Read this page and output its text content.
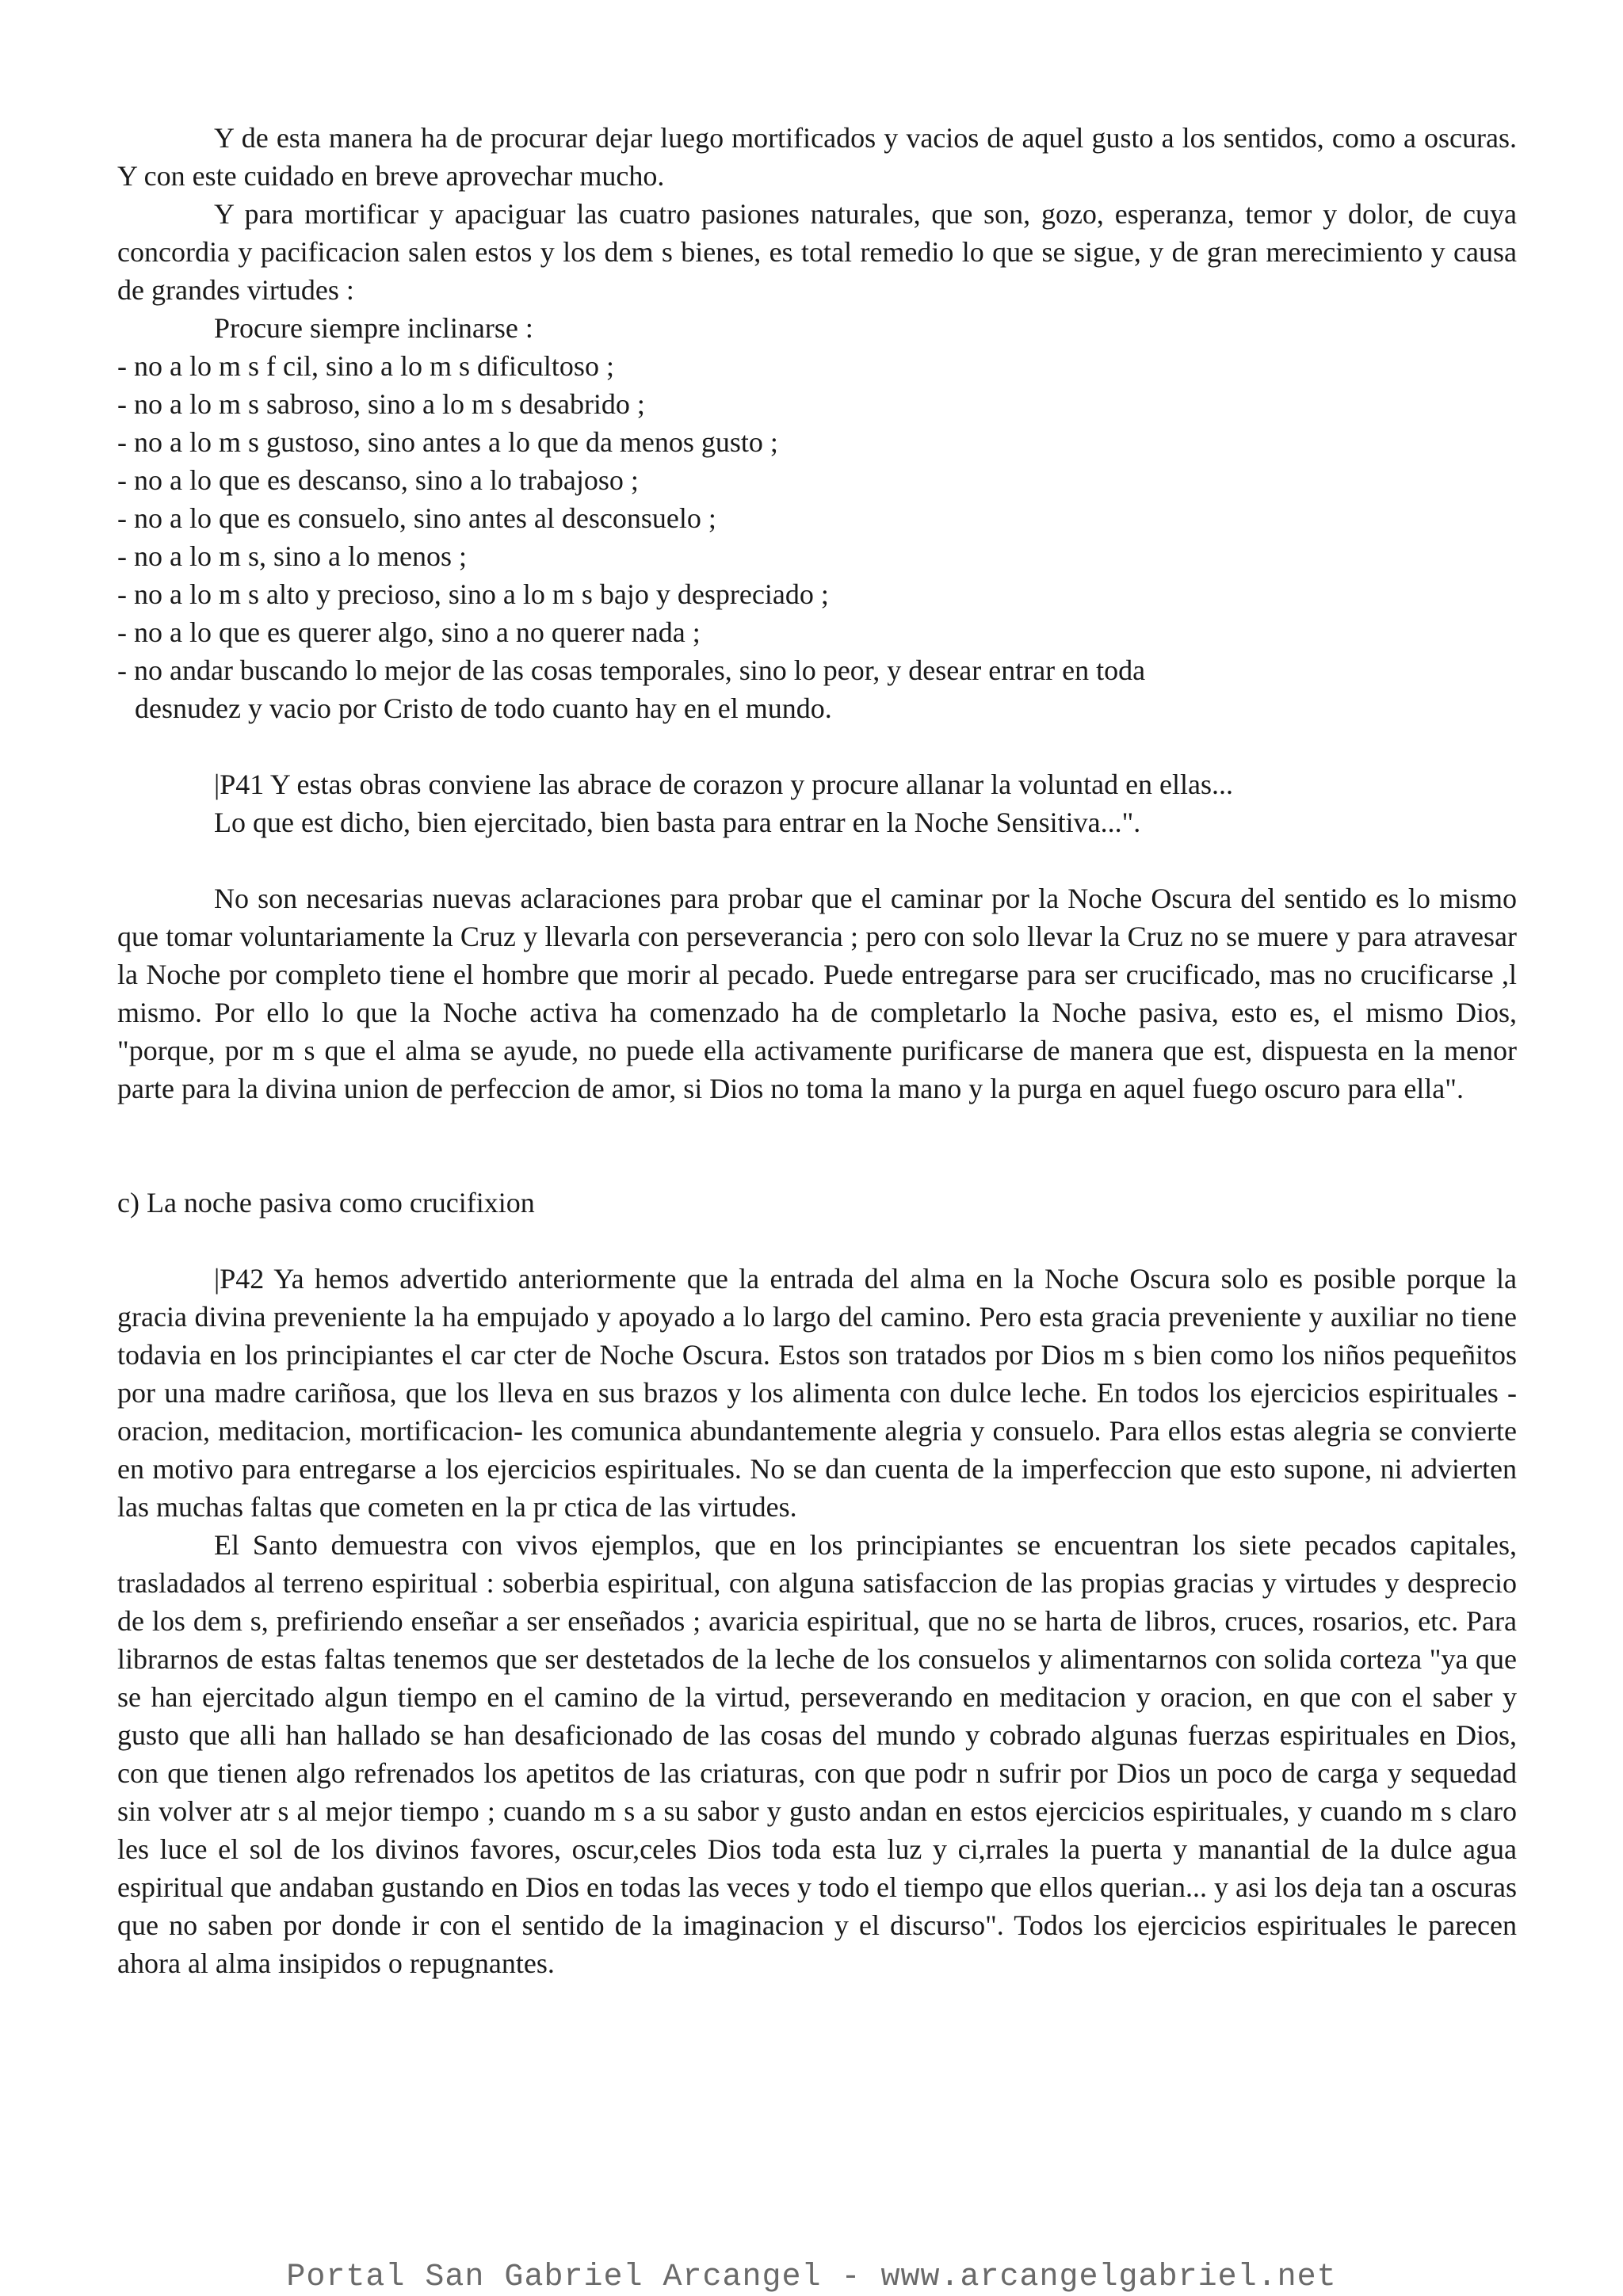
Y de esta manera ha de procurar dejar luego mortificados y vacios de aquel gusto a los sentidos, como a oscuras. Y con este cuidado en breve aprovechar mucho.

Y para mortificar y apaciguar las cuatro pasiones naturales, que son, gozo, esperanza, temor y dolor, de cuya concordia y pacificacion salen estos y los dem s bienes, es total remedio lo que se sigue, y de gran merecimiento y causa de grandes virtudes :

Procure siempre inclinarse :

- no a lo m s f cil, sino a lo m s dificultoso ;
- no a lo m s sabroso, sino a lo m s desabrido ;
- no a lo m s gustoso, sino antes a lo que da menos gusto ;
- no a lo que es descanso, sino a lo trabajoso ;
- no a lo que es consuelo, sino antes al desconsuelo ;
- no a lo m s, sino a lo menos ;
- no a lo m s alto y precioso, sino a lo m s bajo y despreciado ;
- no a lo que es querer algo, sino a no querer nada ;
- no andar buscando lo mejor de las cosas temporales, sino lo peor, y desear entrar en toda
desnudez y vacio por Cristo de todo cuanto hay en el mundo.

|P41 Y estas obras conviene las abrace de corazon y procure allanar la voluntad en ellas...

Lo que est dicho, bien ejercitado, bien basta para entrar en la Noche Sensitiva...".

No son necesarias nuevas aclaraciones para probar que el caminar por la Noche Oscura del sentido es lo mismo que tomar voluntariamente la Cruz y llevarla con perseverancia ; pero con solo llevar la Cruz no se muere y para atravesar la Noche por completo tiene el hombre que morir al pecado. Puede entregarse para ser crucificado, mas no crucificarse ,l mismo. Por ello lo que la Noche activa ha comenzado ha de completarlo la Noche pasiva, esto es, el mismo Dios, "porque, por m s que el alma se ayude, no puede ella activamente purificarse de manera que est, dispuesta en la menor parte para la divina union de perfeccion de amor, si Dios no toma la mano y la purga en aquel fuego oscuro para ella".

c) La noche pasiva como crucifixion

|P42 Ya hemos advertido anteriormente que la entrada del alma en la Noche Oscura solo es posible porque la gracia divina preveniente la ha empujado y apoyado a lo largo del camino. Pero esta gracia preveniente y auxiliar no tiene todavia en los principiantes el car cter de Noche Oscura. Estos son tratados por Dios m s bien como los niños pequeñitos por una madre cariñosa, que los lleva en sus brazos y los alimenta con dulce leche. En todos los ejercicios espirituales -oracion, meditacion, mortificacion- les comunica abundantemente alegria y consuelo. Para ellos estas alegria se convierte en motivo para entregarse a los ejercicios espirituales. No se dan cuenta de la imperfeccion que esto supone, ni advierten las muchas faltas que cometen en la pr ctica de las virtudes.

El Santo demuestra con vivos ejemplos, que en los principiantes se encuentran los siete pecados capitales, trasladados al terreno espiritual : soberbia espiritual, con alguna satisfaccion de las propias gracias y virtudes y desprecio de los dem s, prefiriendo enseñar a ser enseñados ; avaricia espiritual, que no se harta de libros, cruces, rosarios, etc. Para librarnos de estas faltas tenemos que ser destetados de la leche de los consuelos y alimentarnos con solida corteza "ya que se han ejercitado algun tiempo en el camino de la virtud, perseverando en meditacion y oracion, en que con el saber y gusto que alli han hallado se han desaficionado de las cosas del mundo y cobrado algunas fuerzas espirituales en Dios, con que tienen algo refrenados los apetitos de las criaturas, con que podr n sufrir por Dios un poco de carga y sequedad sin volver atr s al mejor tiempo ; cuando m s a su sabor y gusto andan en estos ejercicios espirituales, y cuando m s claro les luce el sol de los divinos favores, oscur,celes Dios toda esta luz y ci,rrales la puerta y manantial de la dulce agua espiritual que andaban gustando en Dios en todas las veces y todo el tiempo que ellos querian... y asi los deja tan a oscuras que no saben por donde ir con el sentido de la imaginacion y el discurso". Todos los ejercicios espirituales le parecen ahora al alma insipidos o repugnantes.

Portal San Gabriel Arcangel - www.arcangelgabriel.net
